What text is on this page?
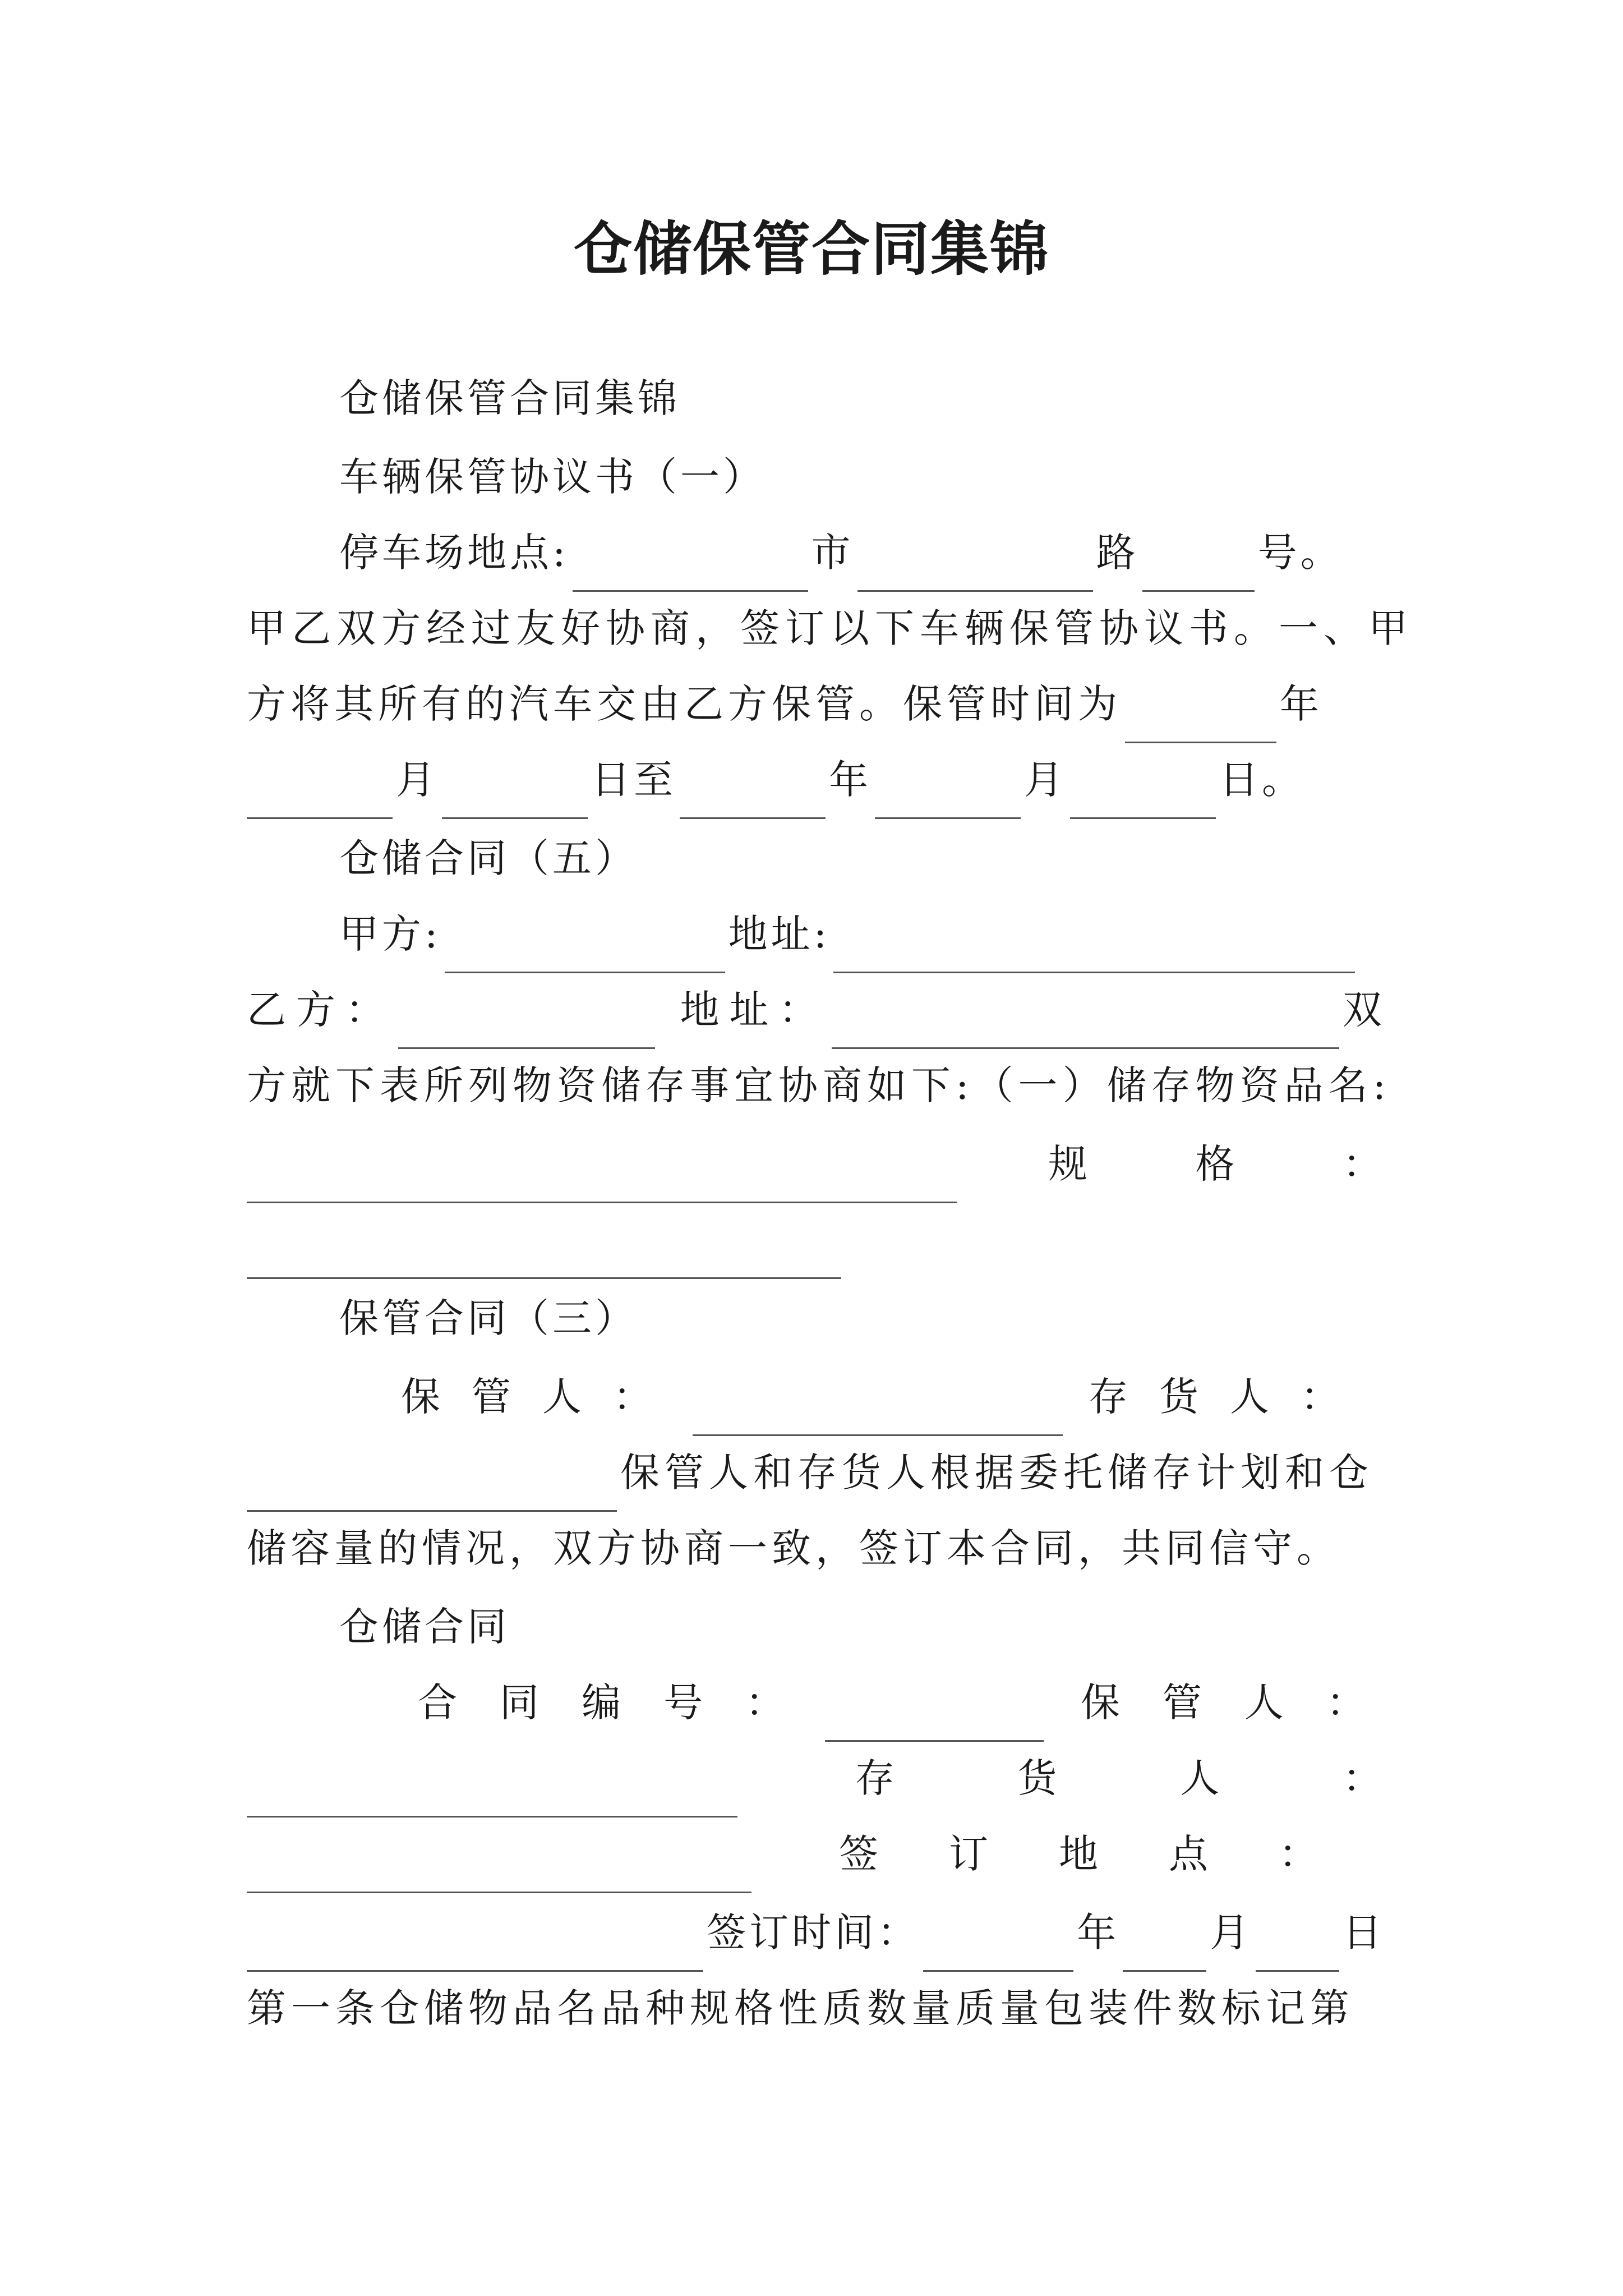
仓储保管合同集锦
仓储保管合同集锦
车辆保管协议书（一）
停车场地点:	市	路	号。
甲乙双方经过友好协商，签订以下车辆保管协议书。一、甲
方将其所有的汽车交由乙方保管。保管时间为	年
月	日至	年	月	日。
仓储合同（五）
甲方:	地址:
乙方：	地址：	双
方就下表所列物资储存事宜协商如下:（一）储存物资品名:
规	格	：
保管合同（三）
保 管 人 ：	存 货 人 ：
保管人和存货人根据委托储存计划和仓
储容量的情况，双方协商一致，签订本合同，共同信守。
仓储合同
合 同 编 号 ：	保 管 人 ：
存	货	人	：
签 订 地 点 ：
签订时间：	年 月 日
第一条仓储物品名品种规格性质数量质量包装件数标记第
